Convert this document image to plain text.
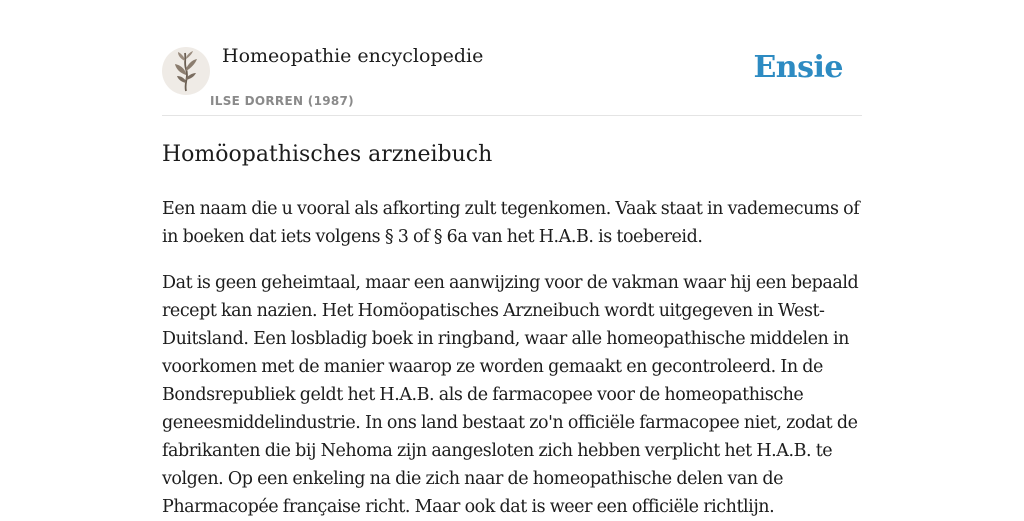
Homeopathie encyclopedie
ILSE DORREN (1987)
Ensie
Homöopathisches arzneibuch

Een naam die u vooral als afkorting zult tegenkomen. Vaak staat in vademecums of in boeken dat iets volgens § 3 of § 6a van het H.A.B. is toebereid.

Dat is geen geheimtaal, maar een aanwijzing voor de vakman waar hij een bepaald recept kan nazien. Het Homöopatisches Arzneibuch wordt uitgegeven in West-Duitsland. Een losbladig boek in ringband, waar alle homeopathische middelen in voorkomen met de manier waarop ze worden gemaakt en gecontroleerd. In de Bondsrepubliek geldt het H.A.B. als de farmacopee voor de homeopathische geneesmiddelindustrie. In ons land bestaat zo'n officiële farmacopee niet, zodat de fabrikanten die bij Nehoma zijn aangesloten zich hebben verplicht het H.A.B. te volgen. Op een enkeling na die zich naar de homeopathische delen van de Pharmacopée française richt. Maar ook dat is weer een officiële richtlijn.
